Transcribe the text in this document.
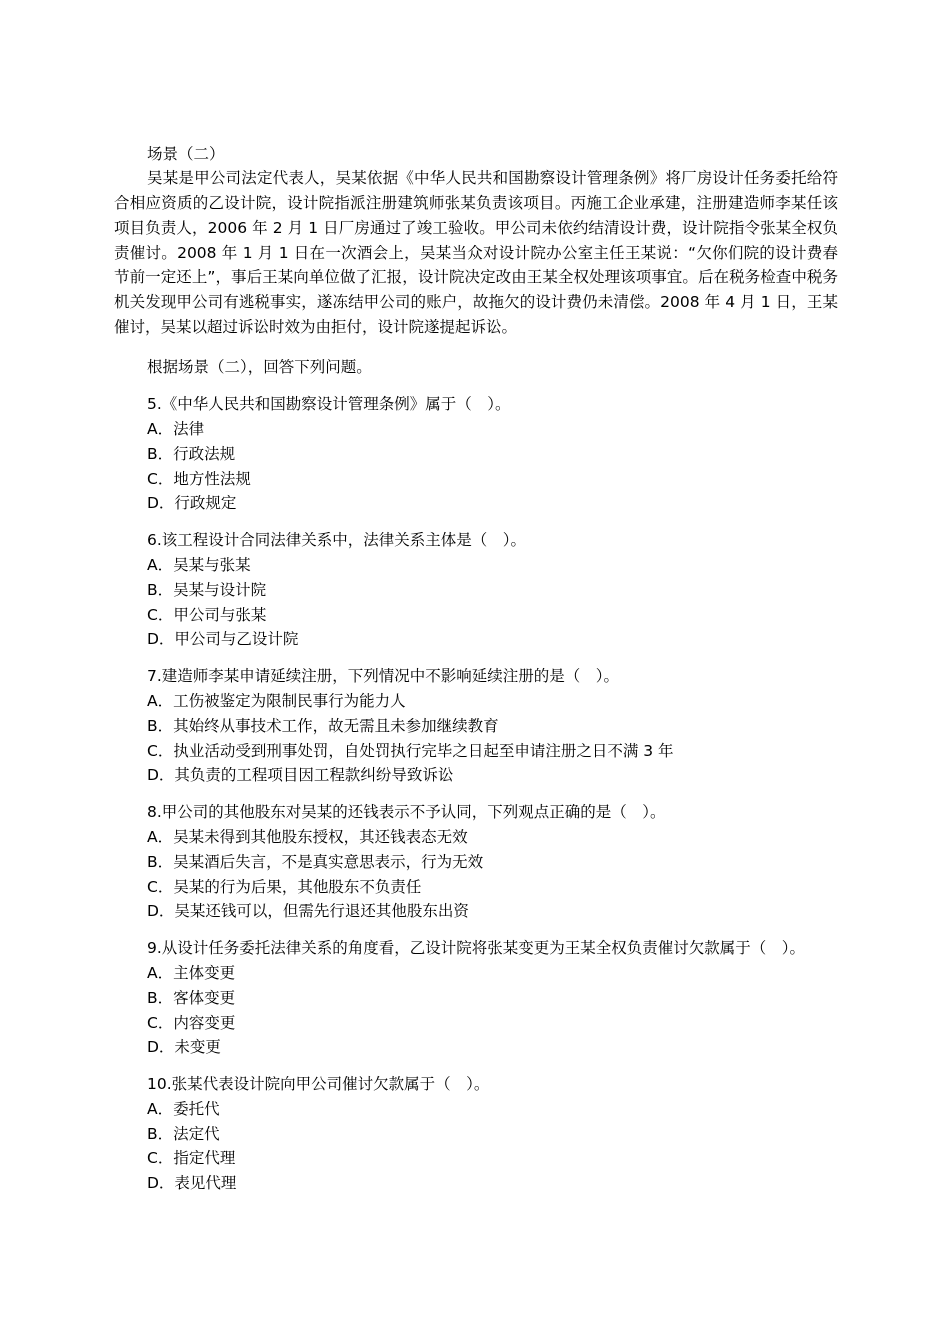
场景（二）

吴某是甲公司法定代表人，吴某依据《中华人民共和国勘察设计管理条例》将厂房设计任务委托给符合相应资质的乙设计院，设计院指派注册建筑师张某负责该项目。丙施工企业承建，注册建造师李某任该项目负责人，2006 年 2 月 1 日厂房通过了竣工验收。甲公司未依约结清设计费，设计院指令张某全权负责催讨。2008 年 1 月 1 日在一次酒会上，吴某当众对设计院办公室主任王某说：“欠你们院的设计费春节前一定还上”，事后王某向单位做了汇报，设计院决定改由王某全权处理该项事宜。后在税务检查中税务机关发现甲公司有逃税事实，遂冻结甲公司的账户，故拖欠的设计费仍未清偿。2008 年 4 月 1 日，王某催讨，吴某以超过诉讼时效为由拒付，设计院遂提起诉讼。

根据场景（二），回答下列问题。

5.《中华人民共和国勘察设计管理条例》属于（　）。
A．法律
B．行政法规
C．地方性法规
D．行政规定
6.该工程设计合同法律关系中，法律关系主体是（　）。
A．吴某与张某
B．吴某与设计院
C．甲公司与张某
D．甲公司与乙设计院
7.建造师李某申请延续注册，下列情况中不影响延续注册的是（　）。
A．工伤被鉴定为限制民事行为能力人
B．其始终从事技术工作，故无需且未参加继续教育
C．执业活动受到刑事处罚，自处罚执行完毕之日起至申请注册之日不满 3 年
D．其负责的工程项目因工程款纠纷导致诉讼
8.甲公司的其他股东对吴某的还钱表示不予认同，下列观点正确的是（　）。
A．吴某未得到其他股东授权，其还钱表态无效
B．吴某酒后失言，不是真实意思表示，行为无效
C．吴某的行为后果，其他股东不负责任
D．吴某还钱可以，但需先行退还其他股东出资
9.从设计任务委托法律关系的角度看，乙设计院将张某变更为王某全权负责催讨欠款属于（　）。
A．主体变更
B．客体变更
C．内容变更
D．未变更
10.张某代表设计院向甲公司催讨欠款属于（　）。
A．委托代
B．法定代
C．指定代理
D．表见代理
